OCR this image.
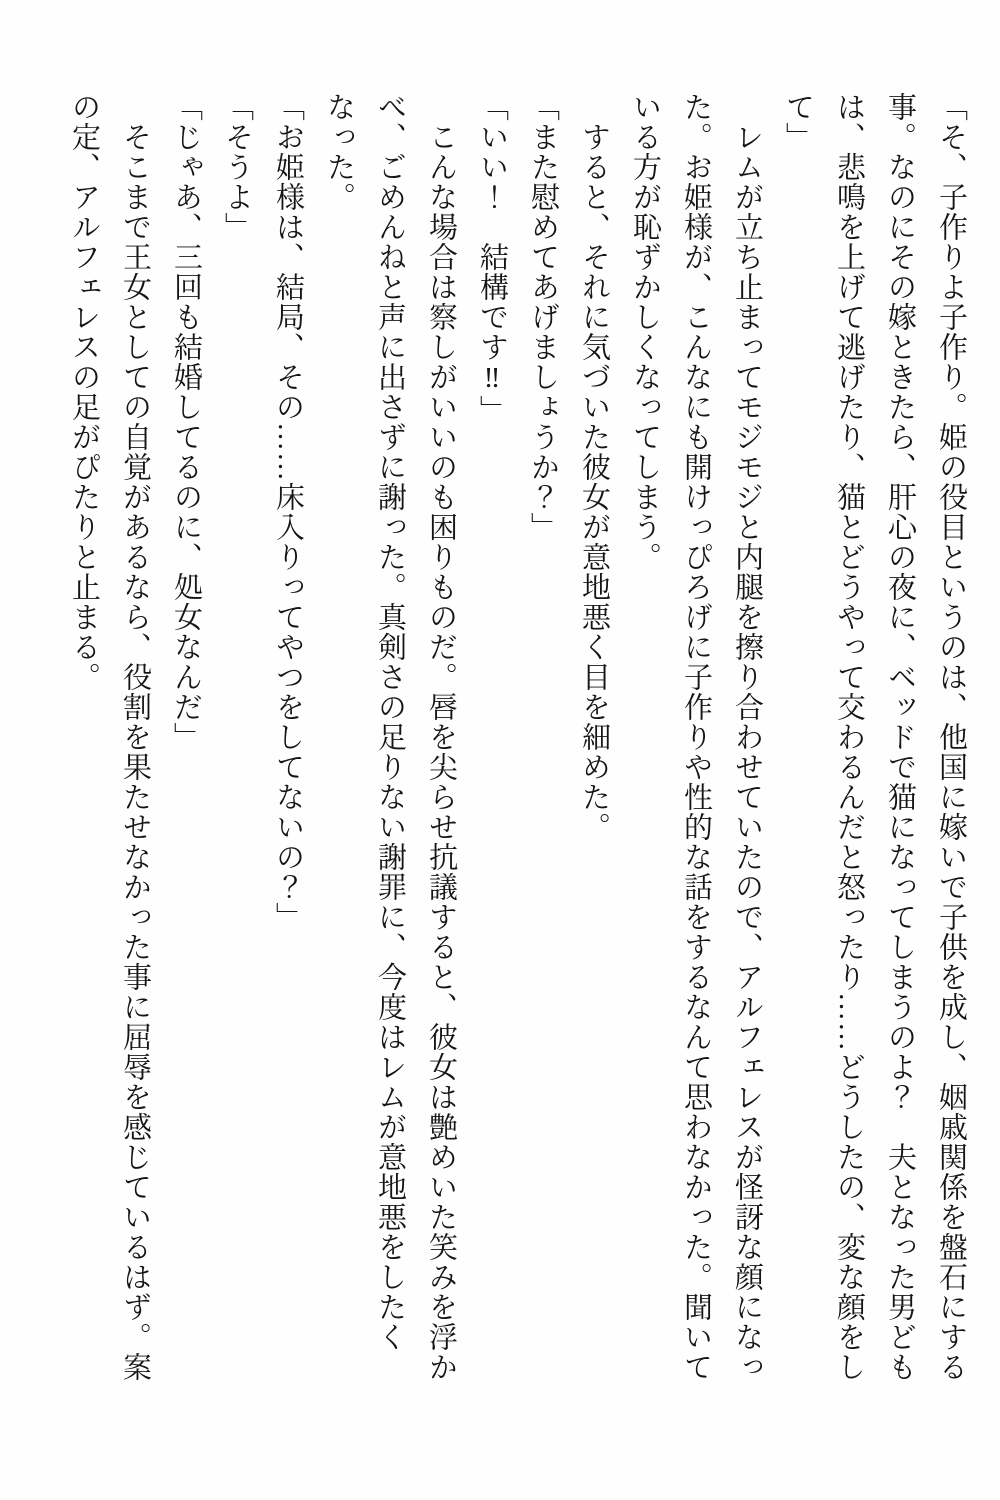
「そ、子作りよ子作り。姫の役目というのは、他国に嫁いで子供を成し、姻戚関係を盤石にする事。なのにその嫁ときたら、肝心の夜に、ベッドで猫になってしまうのよ？　夫となった男どもは、悲鳴を上げて逃げたり、猫とどうやって交わるんだと怒ったり……どうしたの、変な顔をして」

　レムが立ち止まってモジモジと内腿を擦り合わせていたので、アルフェレスが怪訝な顔になった。お姫様が、こんなにも開けっぴろげに子作りや性的な話をするなんて思わなかった。聞いている方が恥ずかしくなってしまう。

　すると、それに気づいた彼女が意地悪く目を細めた。

「また慰めてあげましょうか？」

「いい！　結構です‼」

　こんな場合は察しがいいのも困りものだ。唇を尖らせ抗議すると、彼女は艶めいた笑みを浮かべ、ごめんねと声に出さずに謝った。真剣さの足りない謝罪に、今度はレムが意地悪をしたくなった。

「お姫様は、結局、その……床入りってやつをしてないの？」

「そうよ」

「じゃあ、三回も結婚してるのに、処女なんだ」

　そこまで王女としての自覚があるなら、役割を果たせなかった事に屈辱を感じているはず。案の定、アルフェレスの足がぴたりと止まる。
